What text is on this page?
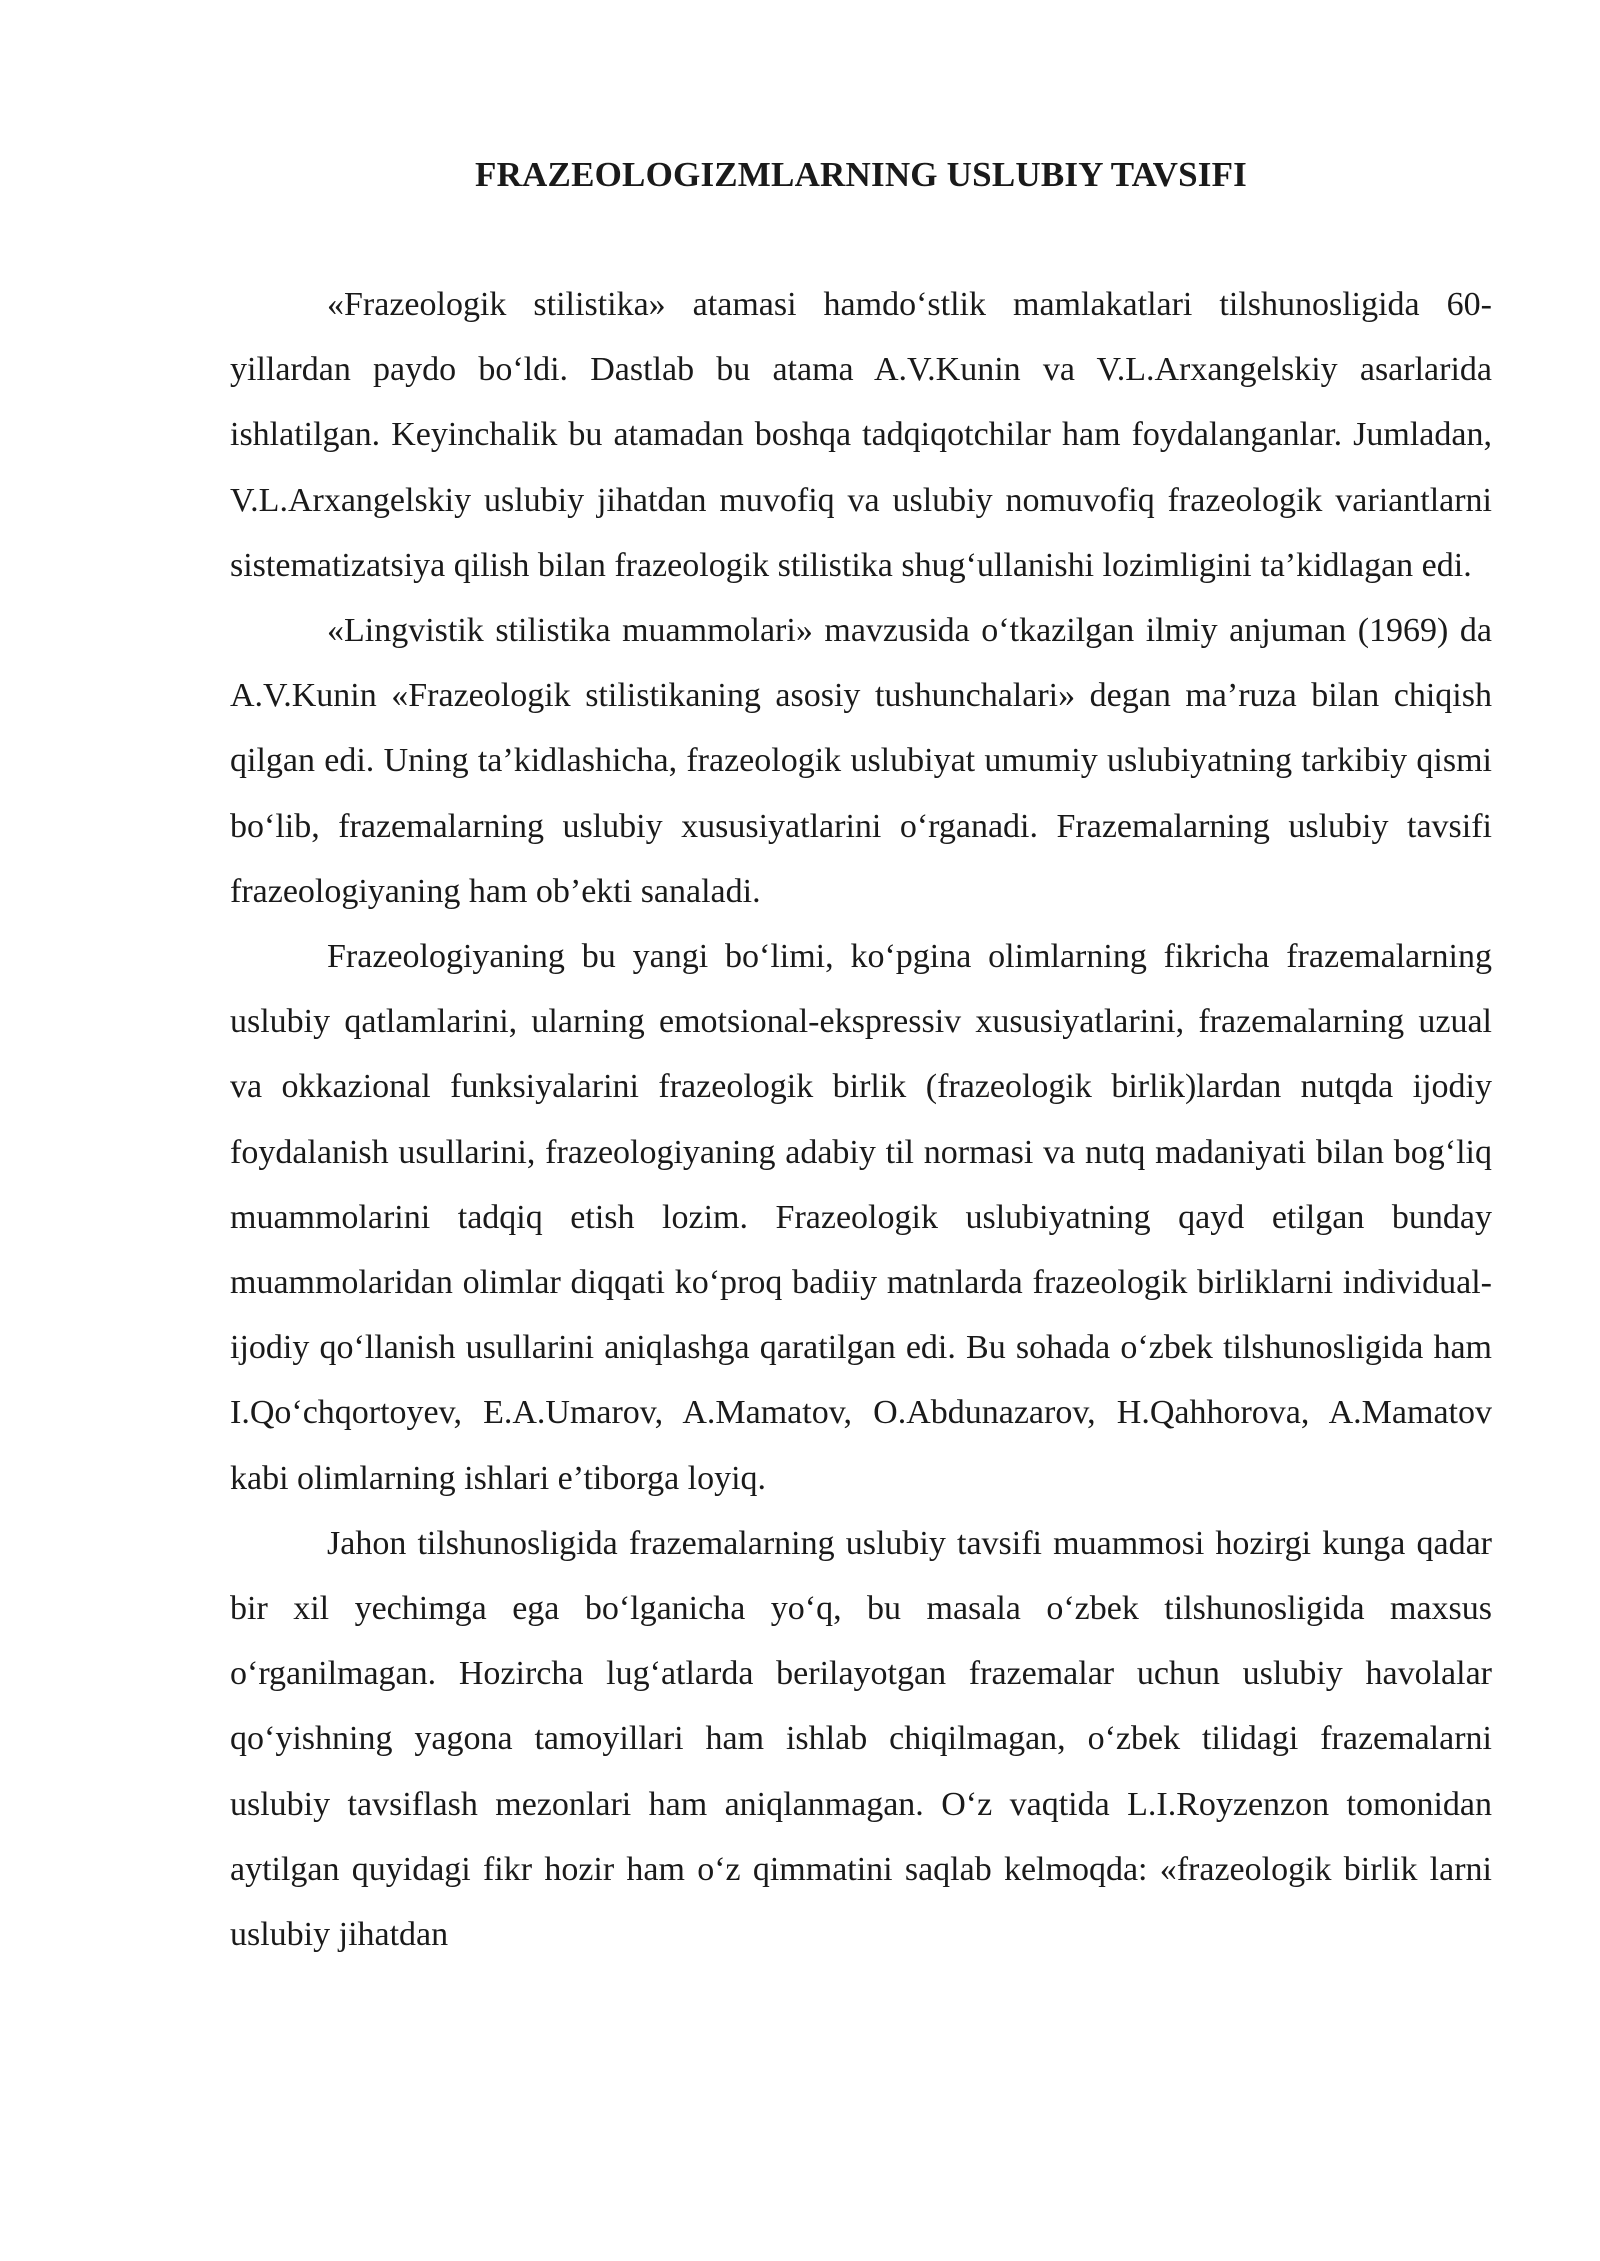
FRAZEOLOGIZMLARNING USLUBIY TAVSIFI

«Frazeologik stilistika» atamasi hamdo‘stlik mamlakatlari tilshunosligida 60-yillardan paydo bo‘ldi. Dastlab bu atama A.V.Kunin va V.L.Arxangelskiy asarlarida ishlatilgan. Keyinchalik bu atamadan boshqa tadqiqotchilar ham foydalanganlar. Jumladan, V.L.Arxangelskiy uslubiy jihatdan muvofiq va uslubiy nomuvofiq frazeologik variantlarni sistematizatsiya qilish bilan frazeologik stilistika shug‘ullanishi lozimligini ta’kidlagan edi.

«Lingvistik stilistika muammolari» mavzusida o‘tkazilgan ilmiy anjuman (1969) da A.V.Kunin «Frazeologik stilistikaning asosiy tushunchalari» degan ma’ruza bilan chiqish qilgan edi. Uning ta’kidlashicha, frazeologik uslubiyat umumiy uslubiyatning tarkibiy qismi bo‘lib, frazemalarning uslubiy xususiyatlarini o‘rganadi. Frazemalarning uslubiy tavsifi frazeologiyaning ham ob’ekti sanaladi.

Frazeologiyaning bu yangi bo‘limi, ko‘pgina olimlarning fikricha frazemalarning uslubiy qatlamlarini, ularning emotsional-ekspressiv xususiyatlarini, frazemalarning uzual va okkazional funksiyalarini frazeologik birlik (frazeologik birlik)lardan nutqda ijodiy foydalanish usullarini, frazeologiyaning adabiy til normasi va nutq madaniyati bilan bog‘liq muammolarini tadqiq etish lozim. Frazeologik uslubiyatning qayd etilgan bunday muammolaridan olimlar diqqati ko‘proq badiiy matnlarda frazeologik birliklarni individual-ijodiy qo‘llanish usullarini aniqlashga qaratilgan edi. Bu sohada o‘zbek tilshunosligida ham I.Qo‘chqortoyev, E.A.Umarov, A.Mamatov, O.Abdunazarov, H.Qahhorova, A.Mamatov kabi olimlarning ishlari e’tiborga loyiq.

Jahon tilshunosligida frazemalarning uslubiy tavsifi muammosi hozirgi kunga qadar bir xil yechimga ega bo‘lganicha yo‘q, bu masala o‘zbek tilshunosligida maxsus o‘rganilmagan. Hozircha lug‘atlarda berilayotgan frazemalar uchun uslubiy havolalar qo‘yishning yagona tamoyillari ham ishlab chiqilmagan, o‘zbek tilidagi frazemalarni uslubiy tavsiflash mezonlari ham aniqlanmagan. O‘z vaqtida L.I.Royzenzon tomonidan aytilgan quyidagi fikr hozir ham o‘z qimmatini saqlab kelmoqda: «frazeologik birlik larni uslubiy jihatdan
